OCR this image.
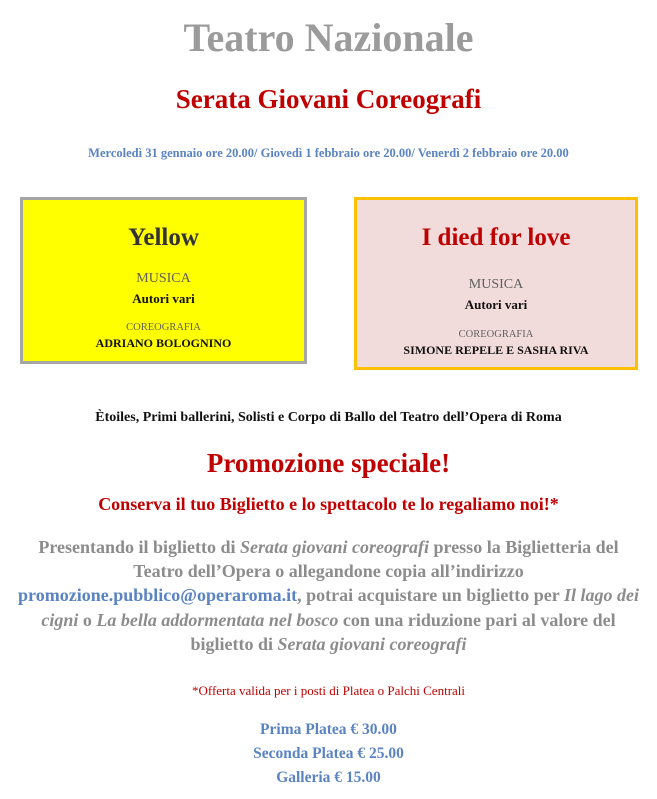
Teatro Nazionale
Serata Giovani Coreografi
Mercoledì 31 gennaio ore 20.00/ Giovedì 1 febbraio ore 20.00/ Venerdì 2 febbraio ore 20.00
Yellow
MUSICA
Autori vari
COREOGRAFIA
ADRIANO BOLOGNINO
I died for love
MUSICA
Autori vari
COREOGRAFIA
SIMONE REPELE E SASHA RIVA
Ètoiles, Primi ballerini, Solisti e Corpo di Ballo del Teatro dell’Opera di Roma
Promozione speciale!
Conserva il tuo Biglietto e lo spettacolo te lo regaliamo noi!*
Presentando il biglietto di Serata giovani coreografi presso la Biglietteria del Teatro dell’Opera o allegandone copia all’indirizzo promozione.pubblico@operaroma.it, potrai acquistare un biglietto per Il lago dei cigni o La bella addormentata nel bosco con una riduzione pari al valore del biglietto di Serata giovani coreografi
*Offerta valida per i posti di Platea o Palchi Centrali
Prima Platea € 30.00
Seconda Platea € 25.00
Galleria € 15.00
